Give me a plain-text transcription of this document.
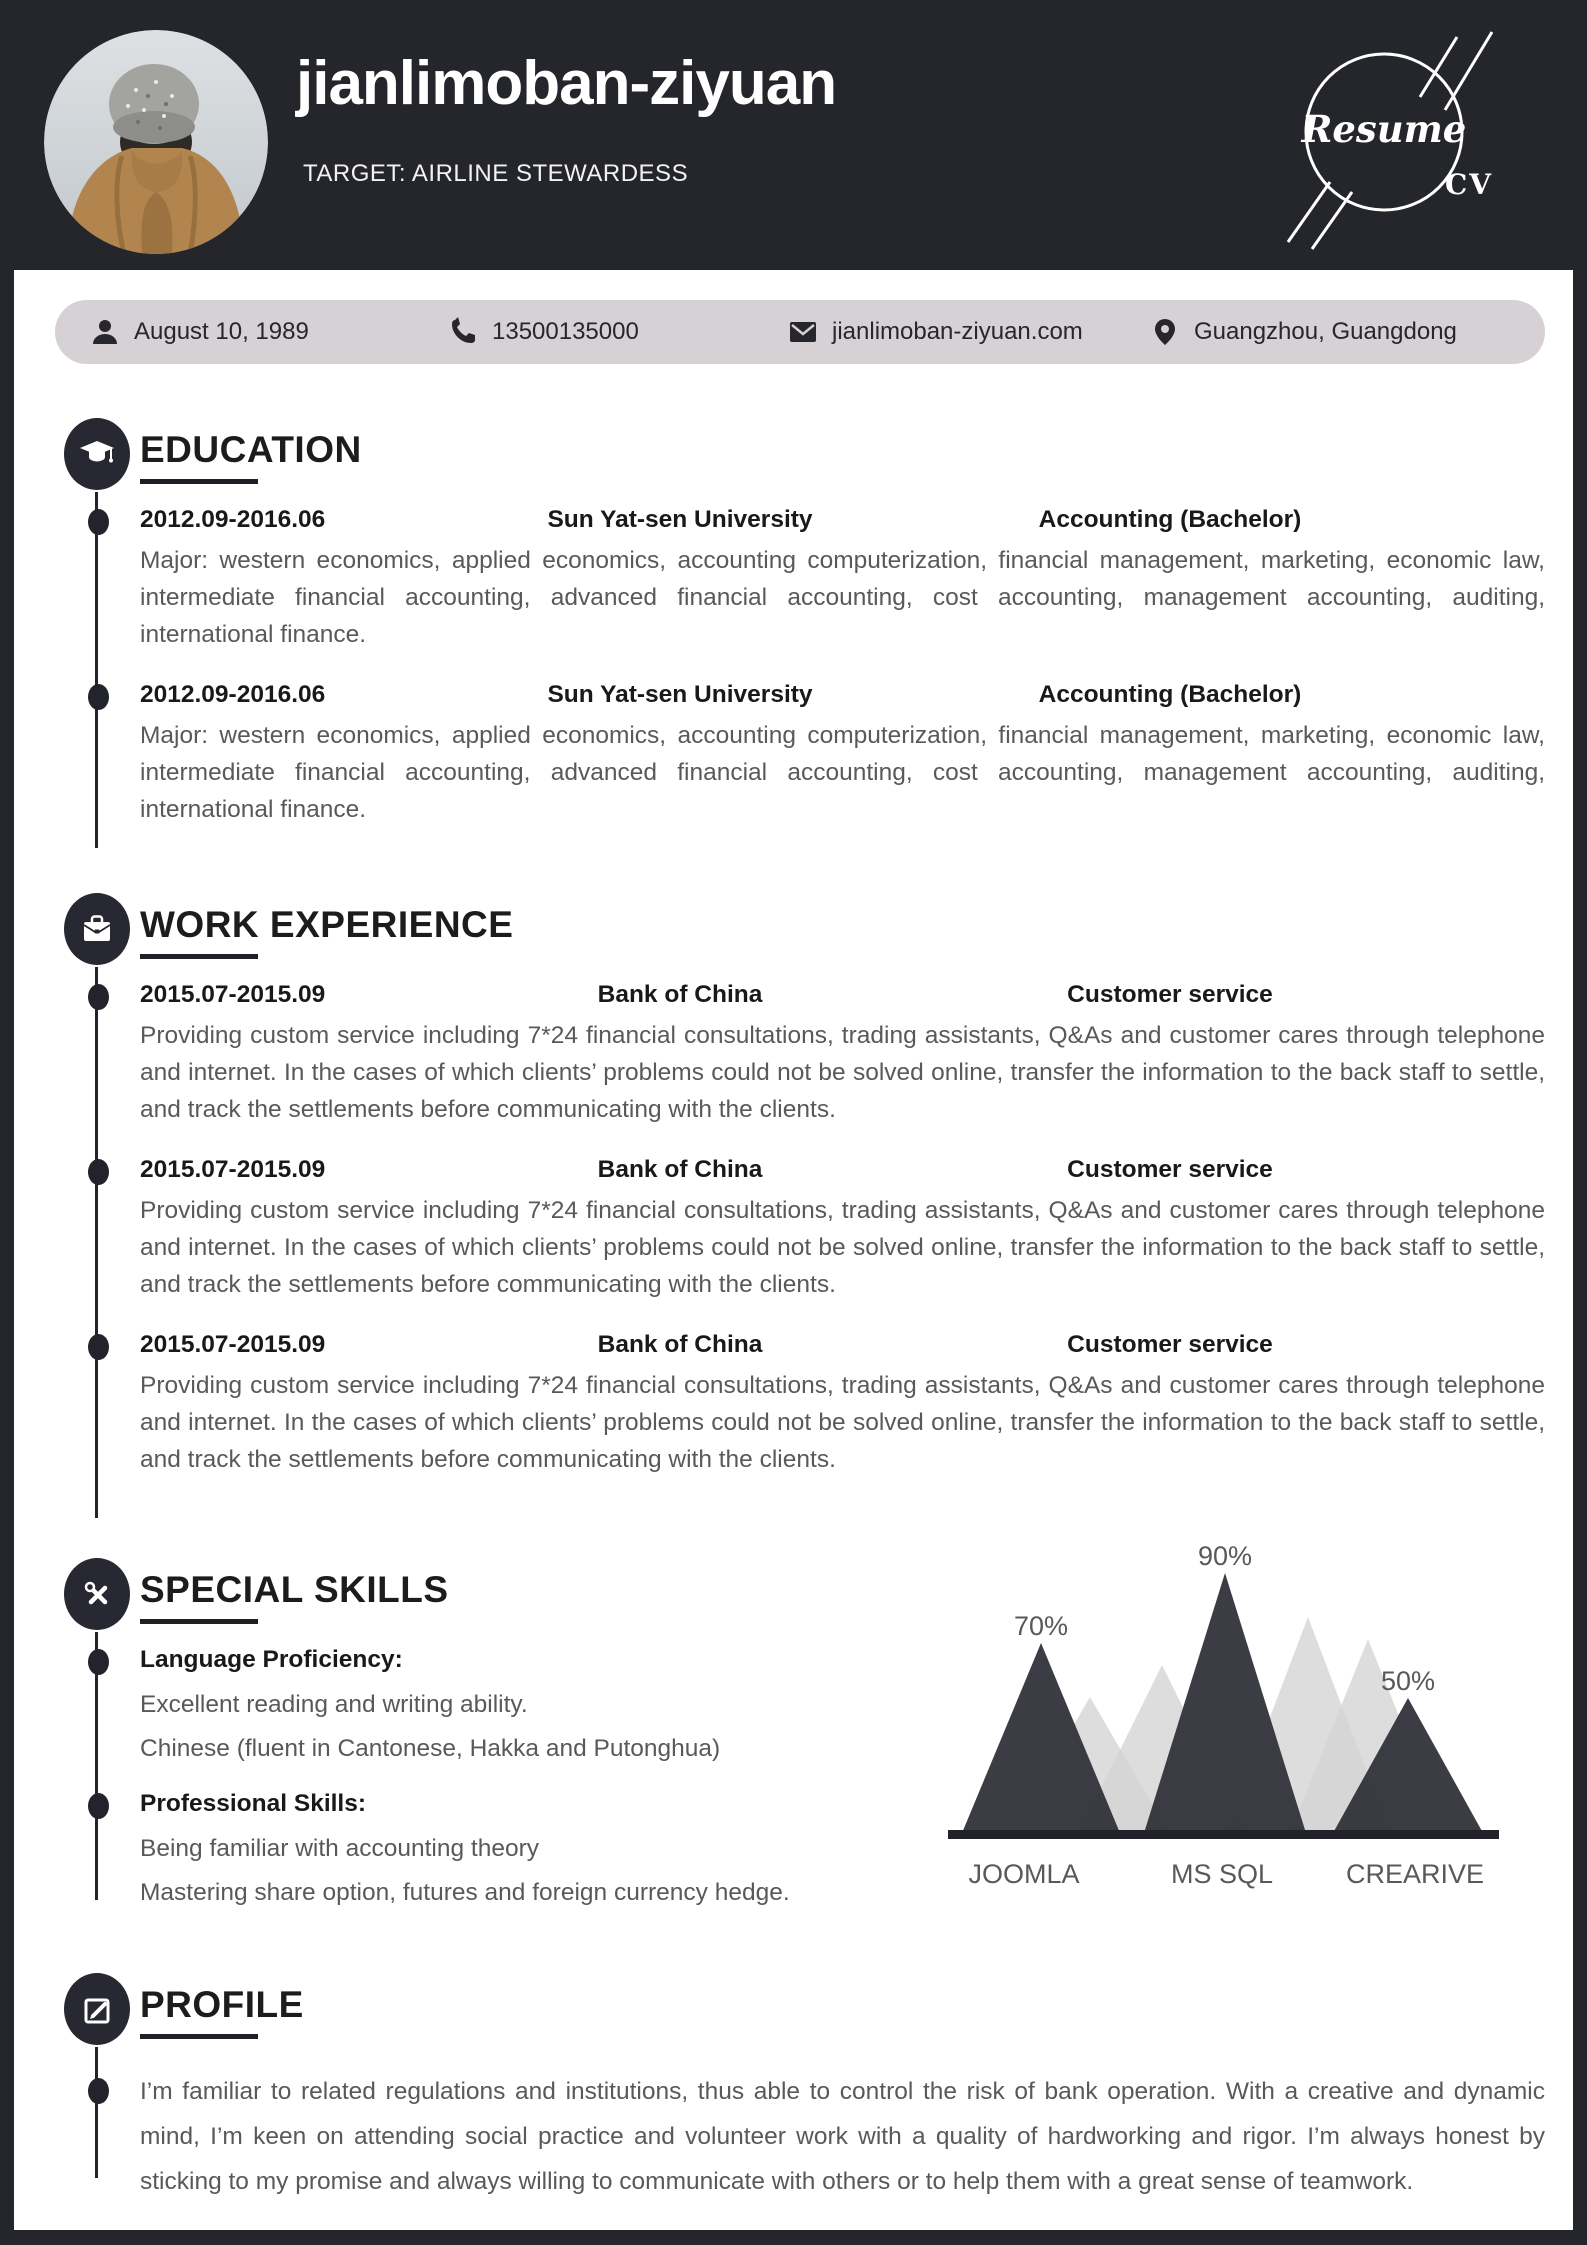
jianlimoban-ziyuan
TARGET: AIRLINE STEWARDESS
Resume
CV
August 10, 1989	13500135000	jianlimoban-ziyuan.com	Guangzhou, Guangdong
EDUCATION
2012.09-2016.06	Sun Yat-sen University	Accounting (Bachelor)
Major: western economics, applied economics, accounting computerization, financial management, marketing, economic law, intermediate financial accounting, advanced financial accounting, cost accounting, management accounting, auditing, international finance.
2012.09-2016.06	Sun Yat-sen University	Accounting (Bachelor)
Major: western economics, applied economics, accounting computerization, financial management, marketing, economic law, intermediate financial accounting, advanced financial accounting, cost accounting, management accounting, auditing, international finance.
WORK EXPERIENCE
2015.07-2015.09	Bank of China	Customer service
Providing custom service including 7*24 financial consultations, trading assistants, Q&As and customer cares through telephone and internet. In the cases of which clients’ problems could not be solved online, transfer the information to the back staff to settle, and track the settlements before communicating with the clients.
2015.07-2015.09	Bank of China	Customer service
Providing custom service including 7*24 financial consultations, trading assistants, Q&As and customer cares through telephone and internet. In the cases of which clients’ problems could not be solved online, transfer the information to the back staff to settle, and track the settlements before communicating with the clients.
2015.07-2015.09	Bank of China	Customer service
Providing custom service including 7*24 financial consultations, trading assistants, Q&As and customer cares through telephone and internet. In the cases of which clients’ problems could not be solved online, transfer the information to the back staff to settle, and track the settlements before communicating with the clients.
SPECIAL SKILLS
Language Proficiency:
Excellent reading and writing ability.
Chinese (fluent in Cantonese, Hakka and Putonghua)
Professional Skills:
Being familiar with accounting theory
Mastering share option, futures and foreign currency hedge.
70%
90%
50%
JOOMLA	MS SQL	CREARIVE
PROFILE

I’m familiar to related regulations and institutions, thus able to control the risk of bank operation. With a creative and dynamic mind, I’m keen on attending social practice and volunteer work with a quality of hardworking and rigor. I’m always honest by sticking to my promise and always willing to communicate with others or to help them with a great sense of teamwork.
